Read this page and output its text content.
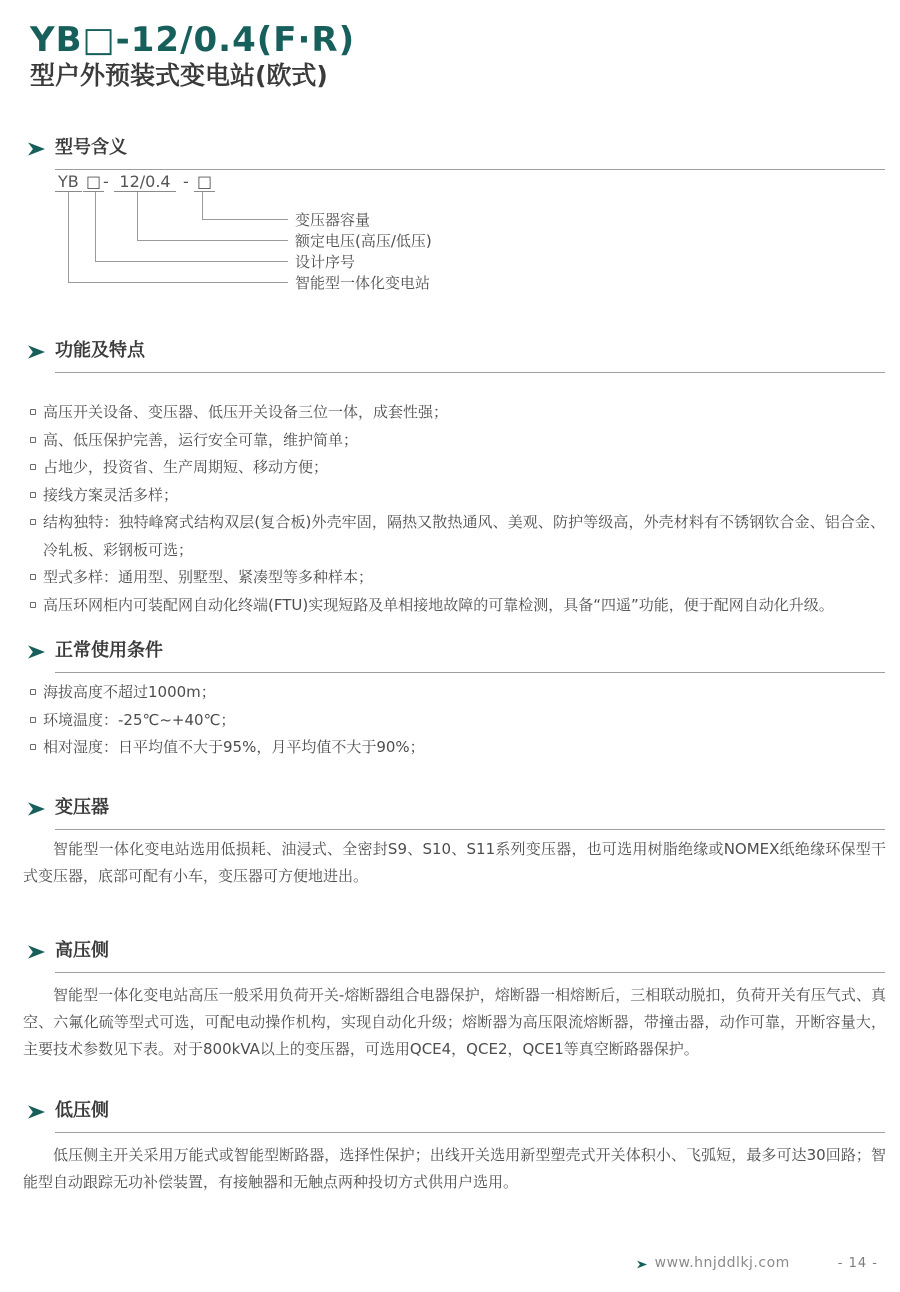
YB□-12/0.4(F·R)
型户外预装式变电站(欧式)
型号含义
YB □ - 12/0.4 - □
变压器容量
额定电压(高压/低压)
设计序号
智能型一体化变电站
功能及特点
高压开关设备、变压器、低压开关设备三位一体，成套性强；
高、低压保护完善，运行安全可靠，维护简单；
占地少，投资省、生产周期短、移动方便；
接线方案灵活多样；
结构独特：独特峰窝式结构双层(复合板)外壳牢固，隔热又散热通风、美观、防护等级高，外壳材料有不锈钢钦合金、铝合金、冷轧板、彩钢板可选；
型式多样：通用型、别墅型、紧凑型等多种样本；
高压环网柜内可装配网自动化终端(FTU)实现短路及单相接地故障的可靠检测，具备“四遥”功能，便于配网自动化升级。
正常使用条件
海拔高度不超过1000m；
环境温度：-25℃~+40℃；
相对湿度：日平均值不大于95%，月平均值不大于90%；
变压器

智能型一体化变电站选用低损耗、油浸式、全密封S9、S10、S11系列变压器，也可选用树脂绝缘或NOMEX纸绝缘环保型干式变压器，底部可配有小车，变压器可方便地进出。

高压侧

智能型一体化变电站高压一般采用负荷开关-熔断器组合电器保护，熔断器一相熔断后，三相联动脱扣，负荷开关有压气式、真空、六氟化硫等型式可选，可配电动操作机构，实现自动化升级；熔断器为高压限流熔断器，带撞击器，动作可靠，开断容量大，主要技术参数见下表。对于800kVA以上的变压器，可选用QCE4，QCE2，QCE1等真空断路器保护。

低压侧

低压侧主开关采用万能式或智能型断路器，选择性保护；出线开关选用新型塑壳式开关体积小、飞弧短，最多可达30回路；智能型自动跟踪无功补偿装置，有接触器和无触点两种投切方式供用户选用。

www.hnjddlkj.com	- 14 -
